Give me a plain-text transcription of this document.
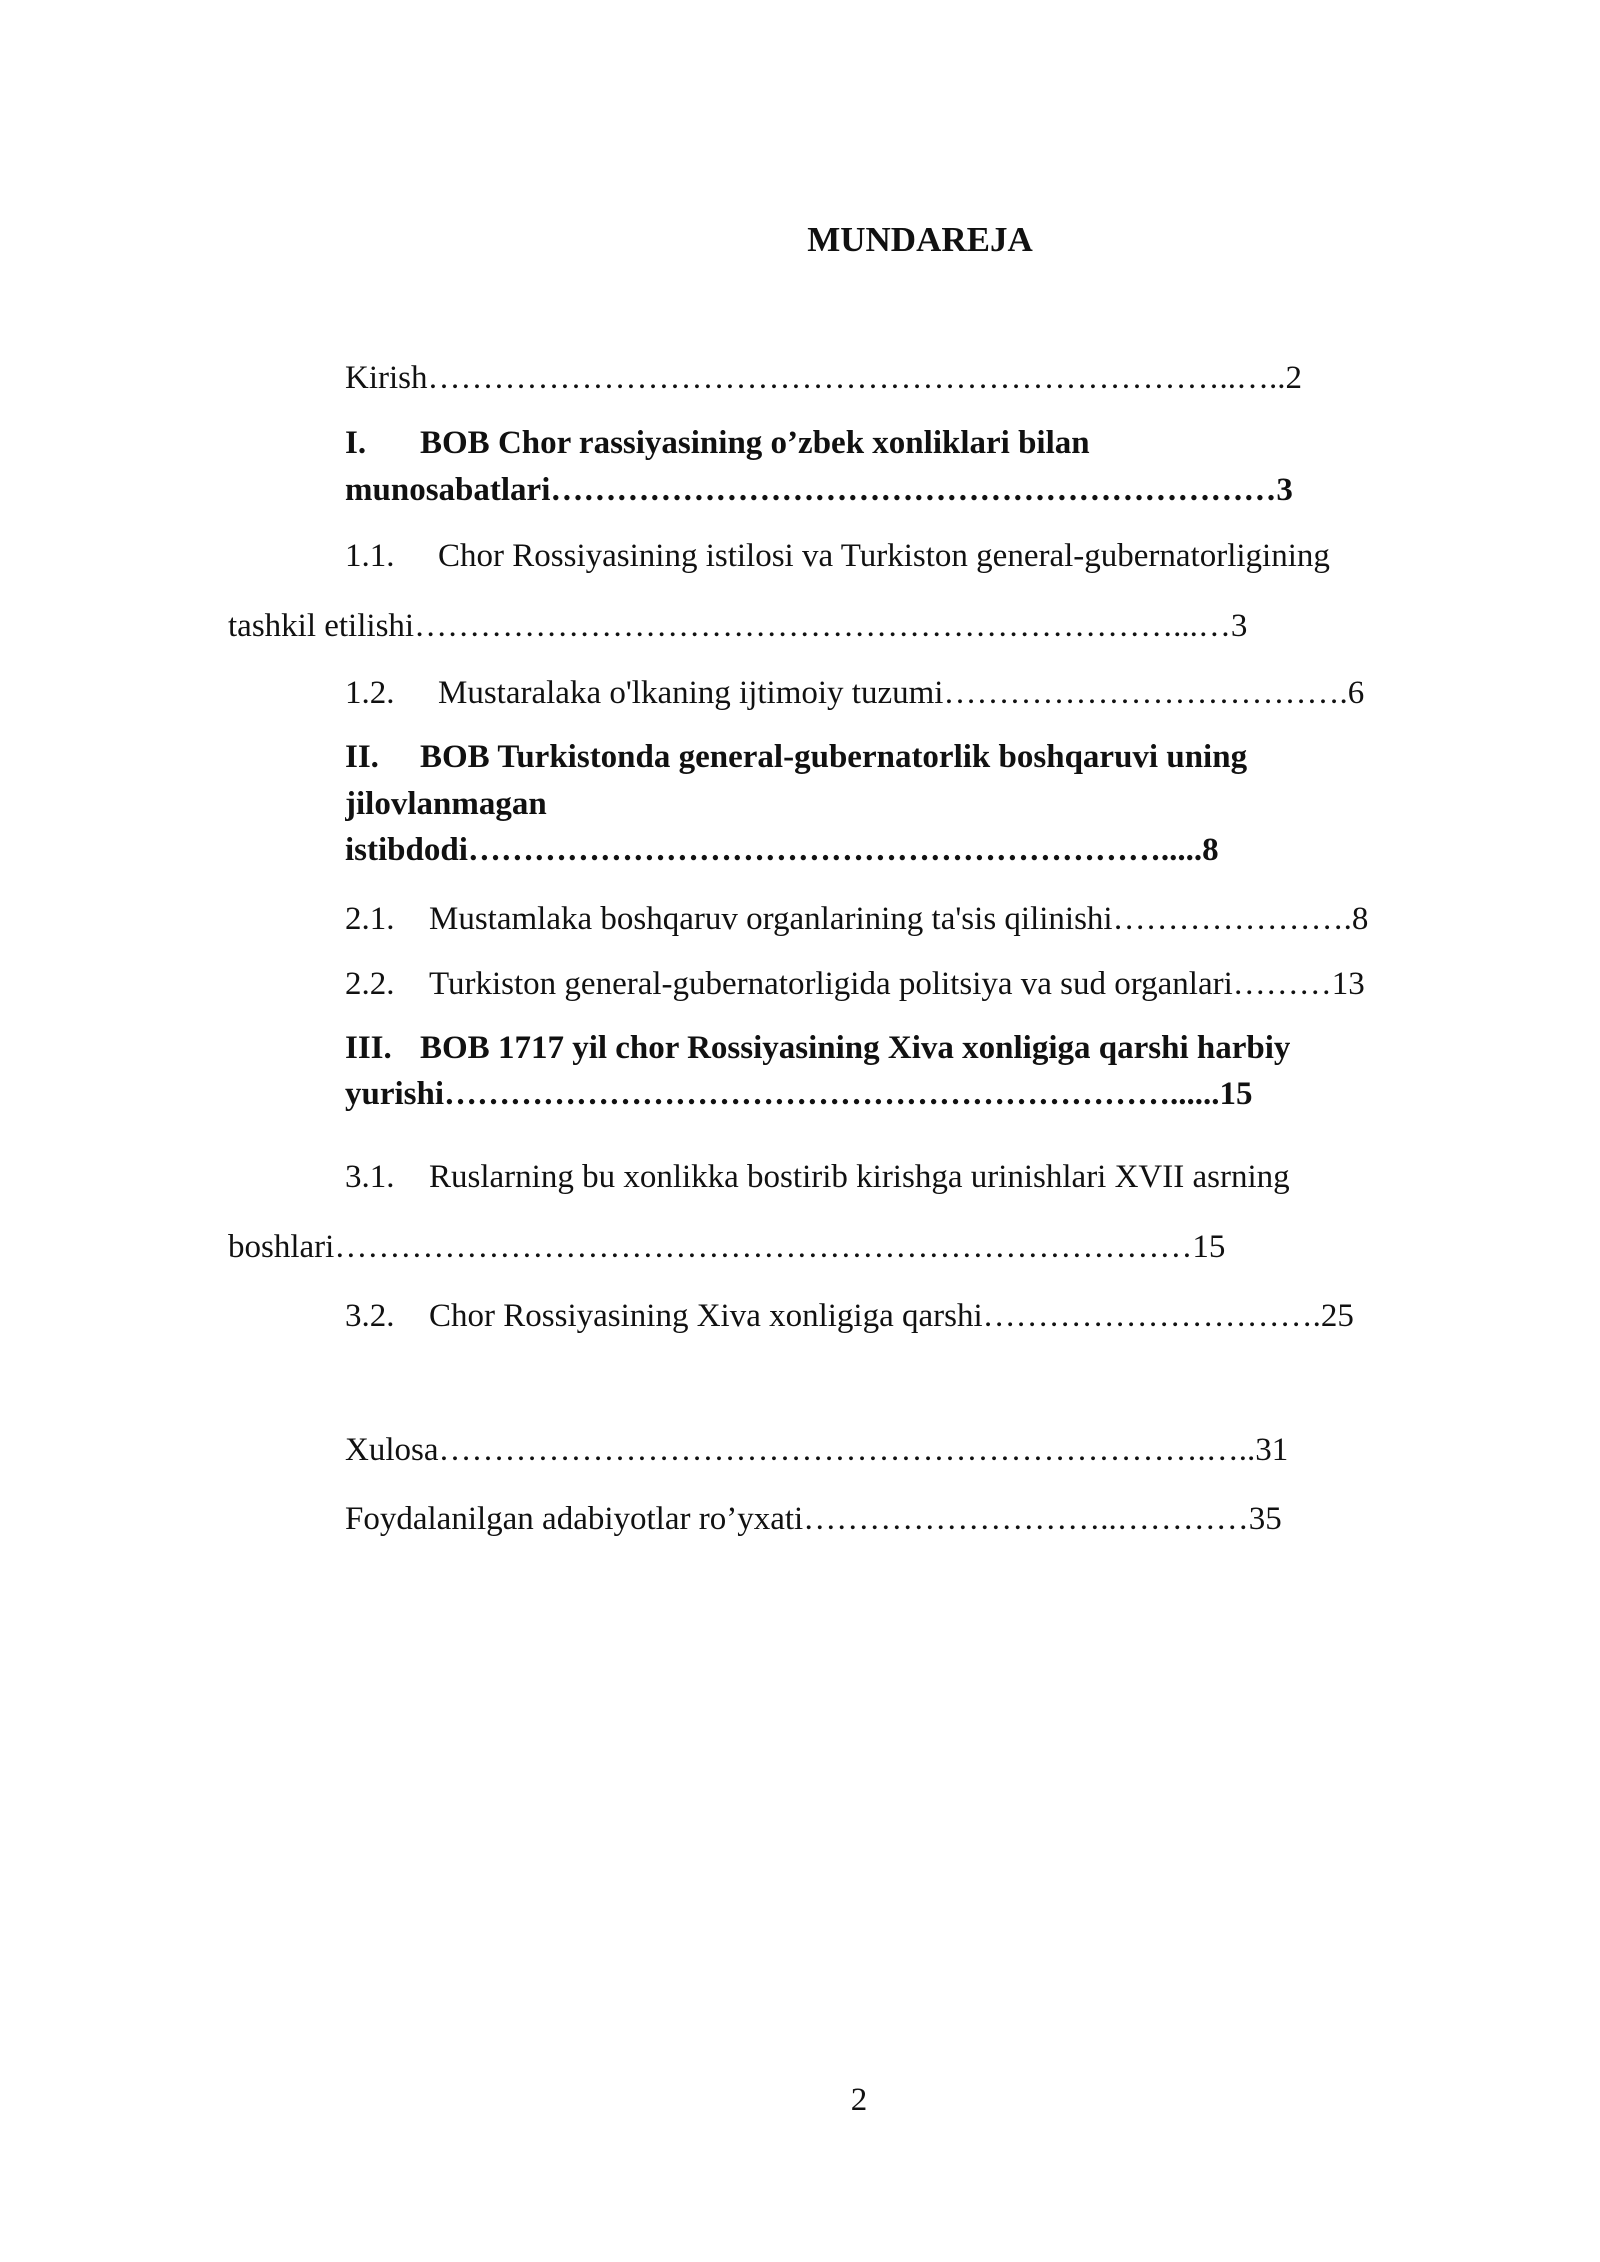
MUNDAREJA
Kirish………………………………………………………………..…..2
I. BOB Chor rassiyasining o’zbek xonliklari bilan
munosabatlari…………………………………………………………3
1.1. Chor Rossiyasining istilosi va Turkiston general-gubernatorligining
tashkil etilishi……………………………………………………………...…3
1.2. Mustaralaka o'lkaning ijtimoiy tuzumi……………………………….6
II. BOB Turkistonda general-gubernatorlik boshqaruvi uning
jilovlanmagan
istibdodi……………………………………………………….....8
2.1. Mustamlaka boshqaruv organlarining ta'sis qilinishi………………….8
2.2. Turkiston general-gubernatorligida politsiya va sud organlari………13
III. BOB 1717 yil chor Rossiyasining Xiva xonligiga qarshi harbiy
yurishi…………………………………………………………......15
3.1. Ruslarning bu xonlikka bostirib kirishga urinishlari XVII asrning
boshlari……………………………………………………………………15
3.2. Chor Rossiyasining Xiva xonligiga qarshi………………………….25
Xulosa…………………………………………………………….…..31
Foydalanilgan adabiyotlar ro’yxati………………………..…………35
2
